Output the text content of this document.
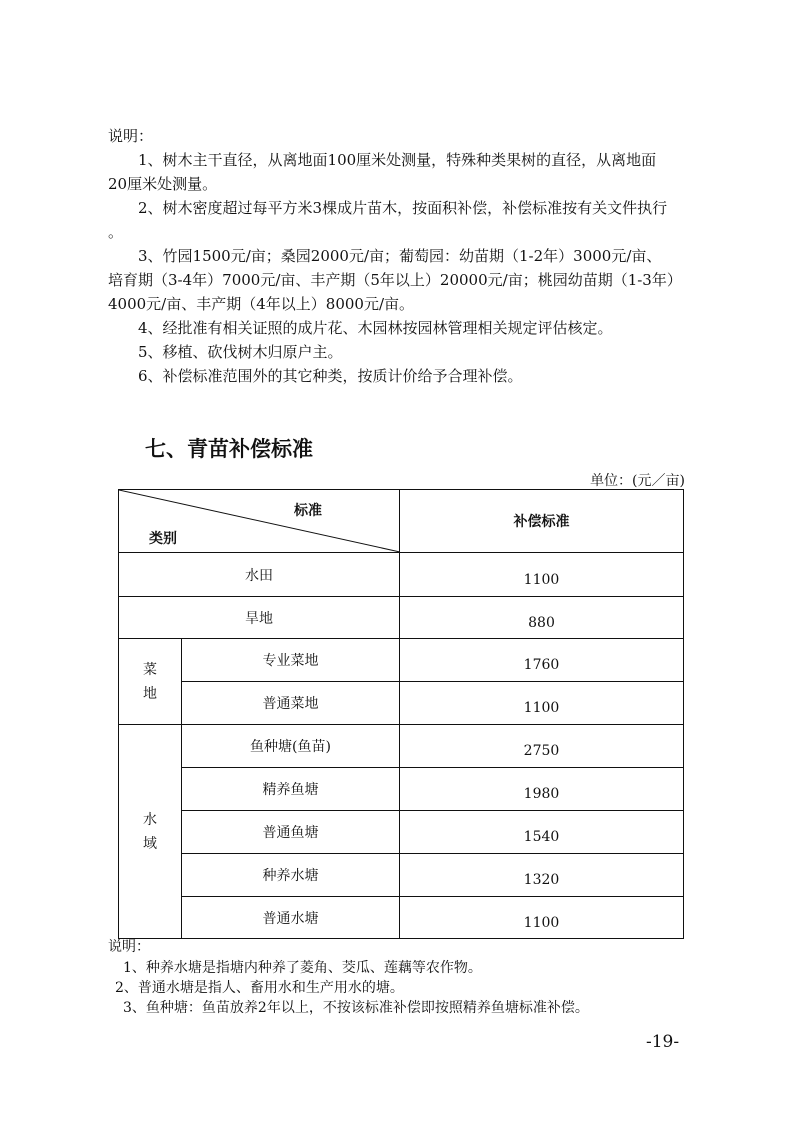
说明：
1、树木主干直径，从离地面100厘米处测量，特殊种类果树的直径，从离地面
20厘米处测量。
2、树木密度超过每平方米3棵成片苗木，按面积补偿，补偿标准按有关文件执行
。
3、竹园1500元/亩；桑园2000元/亩；葡萄园：幼苗期（1-2年）3000元/亩、
培育期（3-4年）7000元/亩、丰产期（5年以上）20000元/亩；桃园幼苗期（1-3年）
4000元/亩、丰产期（4年以上）8000元/亩。
4、经批准有相关证照的成片花、木园林按园林管理相关规定评估核定。
5、移植、砍伐树木归原户主。
6、补偿标准范围外的其它种类，按质计价给予合理补偿。
七、青苗补偿标准
单位：(元／亩)
标准
类别		补偿标准
水田		1100
旱地		880

菜
地	专业菜地	1760
	普通菜地	1100

水
域	鱼种塘(鱼苗)	2750
	精养鱼塘	1980
	普通鱼塘	1540
	种养水塘	1320
	普通水塘	1100
说明：
1、种养水塘是指塘内种养了菱角、茭瓜、莲藕等农作物。
2、普通水塘是指人、畜用水和生产用水的塘。
3、鱼种塘：鱼苗放养2年以上，不按该标准补偿即按照精养鱼塘标准补偿。
-19-
